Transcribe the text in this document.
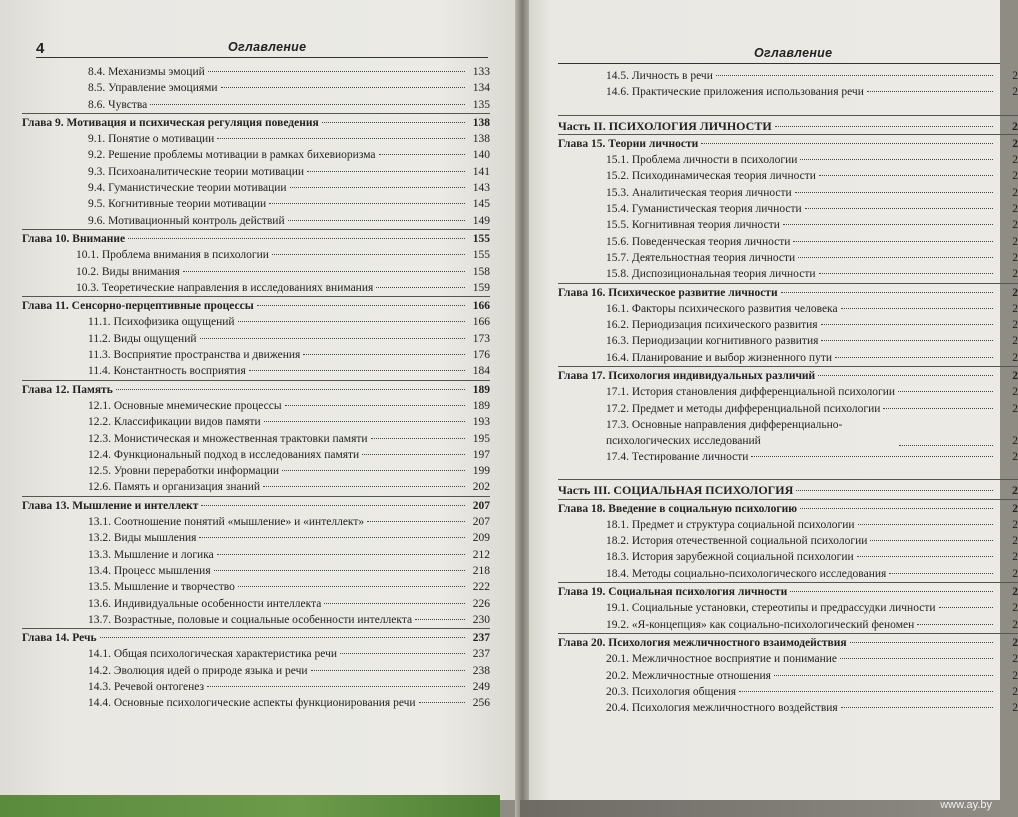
4	Оглавление
8.4. Механизмы эмоций	133
8.5. Управление эмоциями	134
8.6. Чувства	135
Глава 9. Мотивация и психическая регуляция поведения	138
9.1. Понятие о мотивации	138
9.2. Решение проблемы мотивации в рамках бихевиоризма	140
9.3. Психоаналитические теории мотивации	141
9.4. Гуманистические теории мотивации	143
9.5. Когнитивные теории мотивации	145
9.6. Мотивационный контроль действий	149
Глава 10. Внимание	155
10.1. Проблема внимания в психологии	155
10.2. Виды внимания	158
10.3. Теоретические направления в исследованиях внимания	159
Глава 11. Сенсорно-перцептивные процессы	166
11.1. Психофизика ощущений	166
11.2. Виды ощущений	173
11.3. Восприятие пространства и движения	176
11.4. Константность восприятия	184
Глава 12. Память	189
12.1. Основные мнемические процессы	189
12.2. Классификации видов памяти	193
12.3. Монистическая и множественная трактовки памяти	195
12.4. Функциональный подход в исследованиях памяти	197
12.5. Уровни переработки информации	199
12.6. Память и организация знаний	202
Глава 13. Мышление и интеллект	207
13.1. Соотношение понятий «мышление» и «интеллект»	207
13.2. Виды мышления	209
13.3. Мышление и логика	212
13.4. Процесс мышления	218
13.5. Мышление и творчество	222
13.6. Индивидуальные особенности интеллекта	226
13.7. Возрастные, половые и социальные особенности интеллекта	230
Глава 14. Речь	237
14.1. Общая психологическая характеристика речи	237
14.2. Эволюция идей о природе языка и речи	238
14.3. Речевой онтогенез	249
14.4. Основные психологические аспекты функционирования речи	256
Оглавление
14.5. Личность в речи	2
14.6. Практические приложения использования речи	2
Часть II. ПСИХОЛОГИЯ ЛИЧНОСТИ	2
Глава 15. Теории личности	2
15.1. Проблема личности в психологии	2
15.2. Психодинамическая теория личности	2
15.3. Аналитическая теория личности	2
15.4. Гуманистическая теория личности	2
15.5. Когнитивная теория личности	2
15.6. Поведенческая теория личности	2
15.7. Деятельностная теория личности	2
15.8. Диспозициональная теория личности	2
Глава 16. Психическое развитие личности	2
16.1. Факторы психического развития человека	2
16.2. Периодизация психического развития	2
16.3. Периодизации когнитивного развития	2
16.4. Планирование и выбор жизненного пути	2
Глава 17. Психология индивидуальных различий	2
17.1. История становления дифференциальной психологии	2
17.2. Предмет и методы дифференциальной психологии	2
17.3. Основные направления дифференциально-психологических исследований	2
17.4. Тестирование личности	2
Часть III. СОЦИАЛЬНАЯ ПСИХОЛОГИЯ	2
Глава 18. Введение в социальную психологию	2
18.1. Предмет и структура социальной психологии	2
18.2. История отечественной социальной психологии	2
18.3. История зарубежной социальной психологии	2
18.4. Методы социально-психологического исследования	2
Глава 19. Социальная психология личности	2
19.1. Социальные установки, стереотипы и предрассудки личности	2
19.2. «Я-концепция» как социально-психологический феномен	2
Глава 20. Психология межличностного взаимодействия	2
20.1. Межличностное восприятие и понимание	2
20.2. Межличностные отношения	2
20.3. Психология общения	2
20.4. Психология межличностного воздействия	2
www.ay.by
